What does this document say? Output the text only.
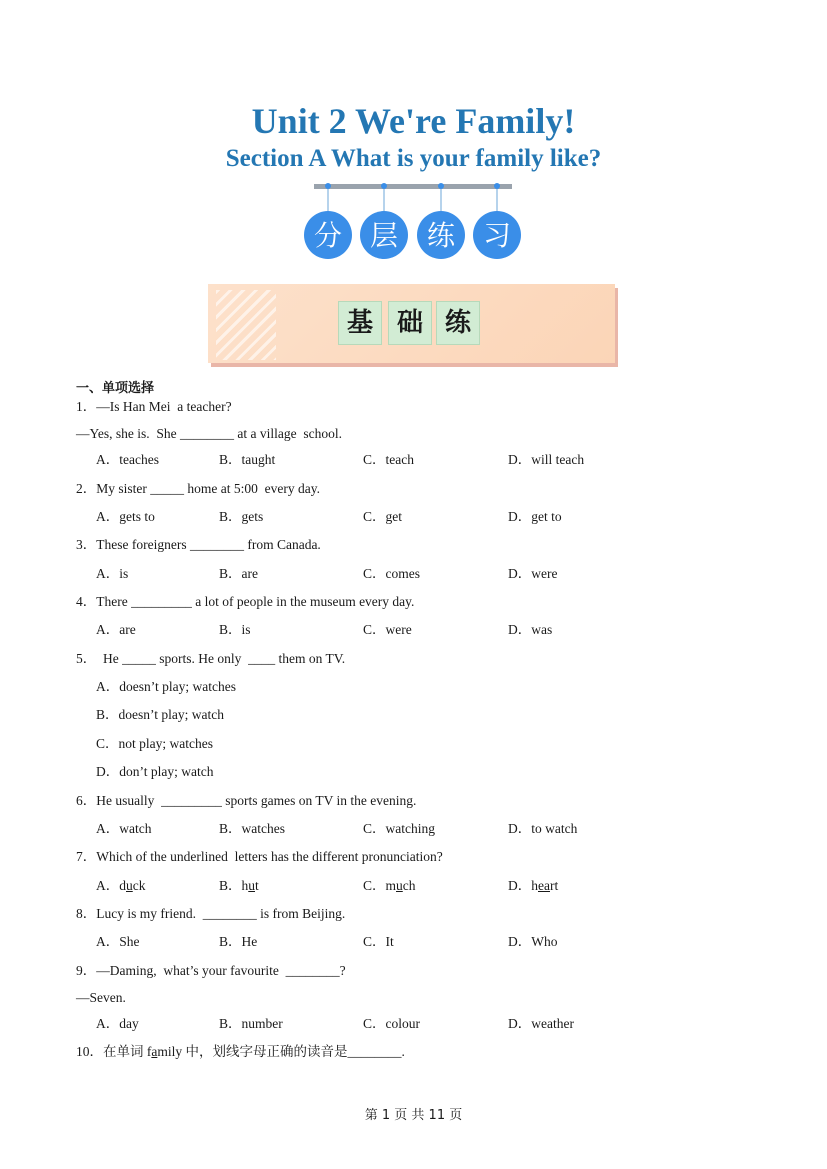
Unit 2 We're Family!
Section A What is your family like?
分 层 练 习
基 础 练
一、单项选择
1．—Is Han Mei  a teacher?
—Yes, she is.  She ________ at a village  school.
A．teaches	B．taught	C．teach	D．will teach
2．My sister _____ home at 5:00  every day.
A．gets to	B．gets	C．get	D．get to
3．These foreigners ________ from Canada.
A．is	B．are	C．comes	D．were
4．There _________ a lot of people in the museum every day.
A．are	B．is	C．were	D．was
5．  He _____ sports. He only  ____ them on TV.
A．doesn’t play; watches
B．doesn’t play; watch
C．not play; watches
D．don’t play; watch
6．He usually  _________ sports games on TV in the evening.
A．watch	B．watches	C．watching	D．to watch
7．Which of the underlined  letters has the different pronunciation?
A．duck	B．hut	C．much	D．heart
8．Lucy is my friend.  ________ is from Beijing.
A．She	B．He	C．It	D．Who
9．—Daming,  what’s your favourite  ________?
—Seven.
A．day	B．number	C．colour	D．weather
10．在单词 family 中，划线字母正确的读音是________.
第 1 页 共 11 页
